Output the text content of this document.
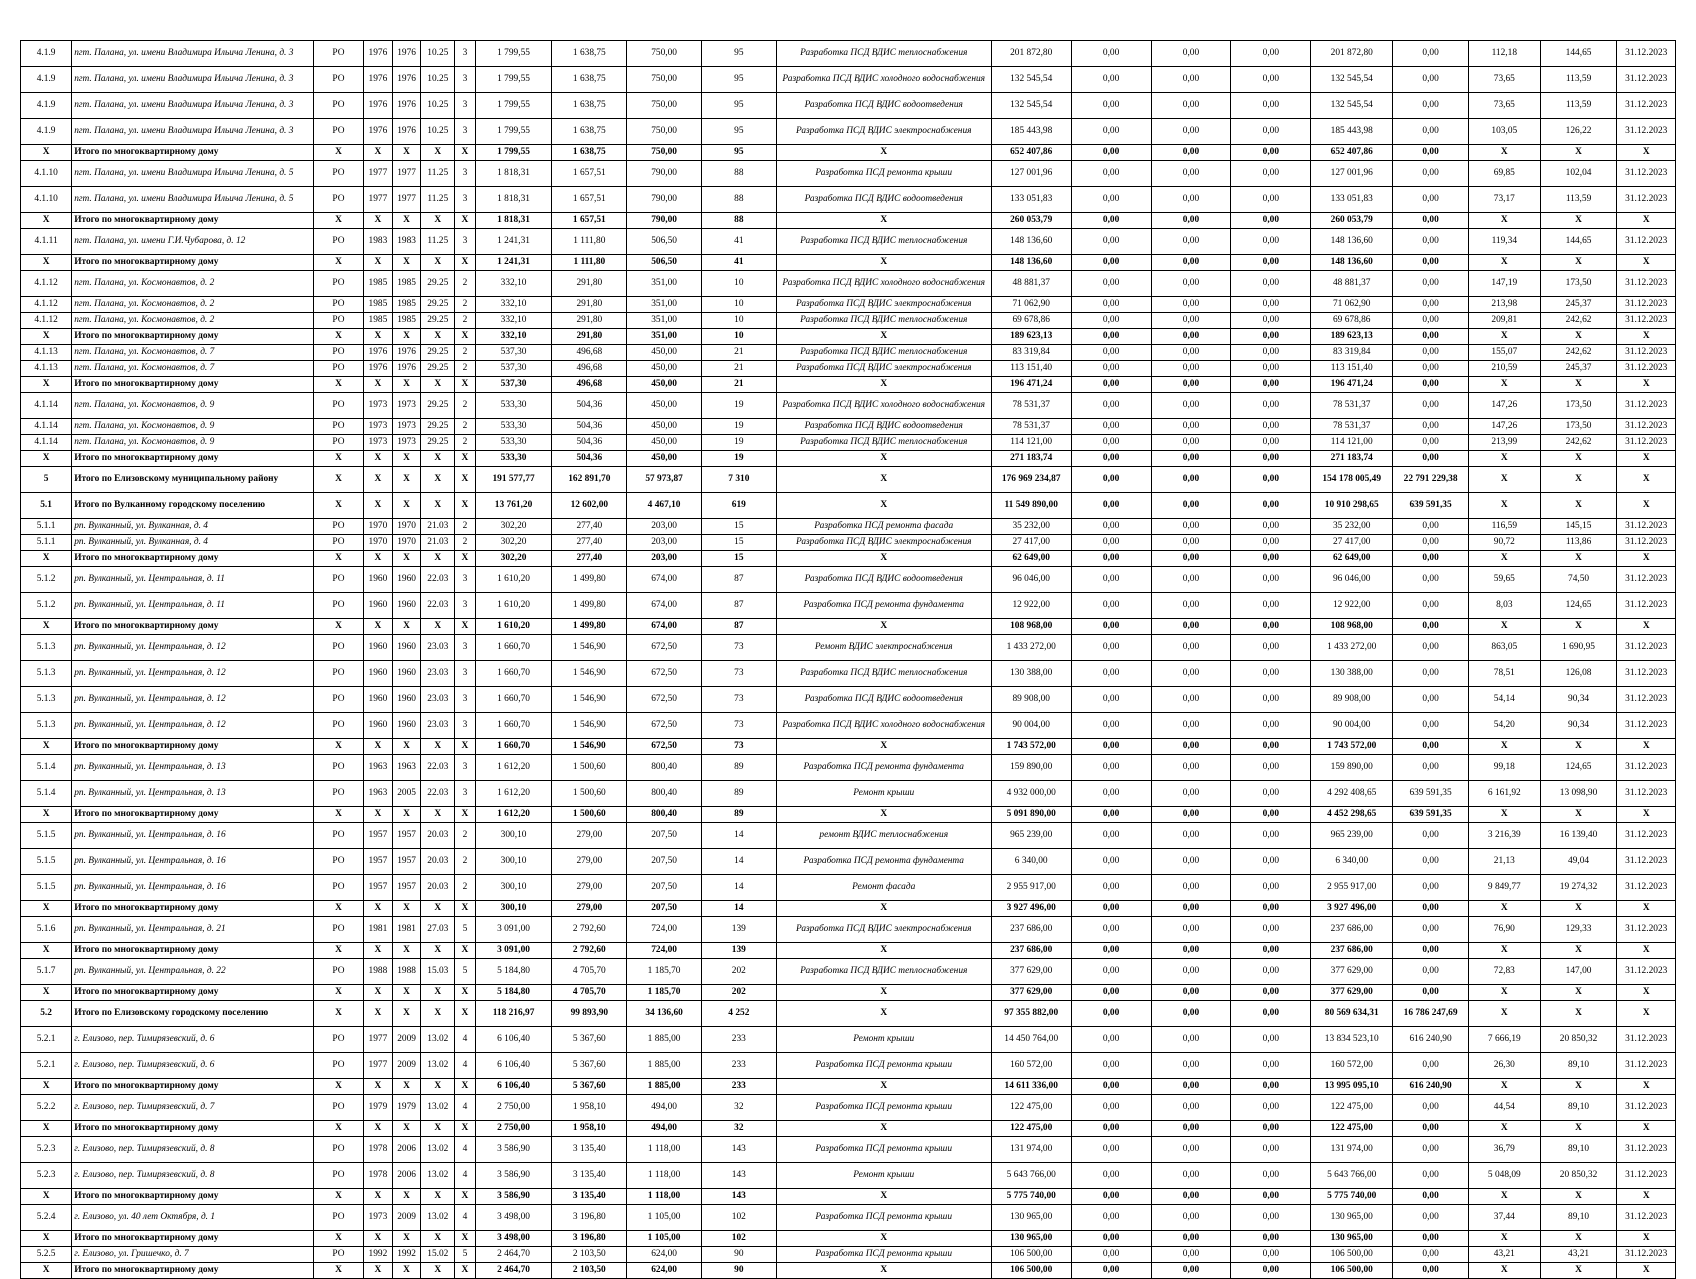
4.1.9	пгт. Палана, ул. имени Владимира Ильича Ленина, д. 3	РО	1976	1976	10.25	3	1 799,55	1 638,75	750,00	95	Разработка ПСД ВДИС теплоснабжения	201 872,80	0,00	0,00	0,00	201 872,80	0,00	112,18	144,65	31.12.2023
4.1.9	пгт. Палана, ул. имени Владимира Ильича Ленина, д. 3	РО	1976	1976	10.25	3	1 799,55	1 638,75	750,00	95	Разработка ПСД ВДИС холодного водоснабжения	132 545,54	0,00	0,00	0,00	132 545,54	0,00	73,65	113,59	31.12.2023
4.1.9	пгт. Палана, ул. имени Владимира Ильича Ленина, д. 3	РО	1976	1976	10.25	3	1 799,55	1 638,75	750,00	95	Разработка ПСД ВДИС водоотведения	132 545,54	0,00	0,00	0,00	132 545,54	0,00	73,65	113,59	31.12.2023
4.1.9	пгт. Палана, ул. имени Владимира Ильича Ленина, д. 3	РО	1976	1976	10.25	3	1 799,55	1 638,75	750,00	95	Разработка ПСД ВДИС электроснабжения	185 443,98	0,00	0,00	0,00	185 443,98	0,00	103,05	126,22	31.12.2023
X	Итого по многоквартирному дому	X	X	X	X	X	1 799,55	1 638,75	750,00	95	X	652 407,86	0,00	0,00	0,00	652 407,86	0,00	X	X	X
4.1.10	пгт. Палана, ул. имени Владимира Ильича Ленина, д. 5	РО	1977	1977	11.25	3	1 818,31	1 657,51	790,00	88	Разработка ПСД ремонта крыши	127 001,96	0,00	0,00	0,00	127 001,96	0,00	69,85	102,04	31.12.2023
4.1.10	пгт. Палана, ул. имени Владимира Ильича Ленина, д. 5	РО	1977	1977	11.25	3	1 818,31	1 657,51	790,00	88	Разработка ПСД ВДИС водоотведения	133 051,83	0,00	0,00	0,00	133 051,83	0,00	73,17	113,59	31.12.2023
X	Итого по многоквартирному дому	X	X	X	X	X	1 818,31	1 657,51	790,00	88	X	260 053,79	0,00	0,00	0,00	260 053,79	0,00	X	X	X
4.1.11	пгт. Палана, ул. имени Г.И.Чубарова, д. 12	РО	1983	1983	11.25	3	1 241,31	1 111,80	506,50	41	Разработка ПСД ВДИС теплоснабжения	148 136,60	0,00	0,00	0,00	148 136,60	0,00	119,34	144,65	31.12.2023
X	Итого по многоквартирному дому	X	X	X	X	X	1 241,31	1 111,80	506,50	41	X	148 136,60	0,00	0,00	0,00	148 136,60	0,00	X	X	X
4.1.12	пгт. Палана, ул. Космонавтов, д. 2	РО	1985	1985	29.25	2	332,10	291,80	351,00	10	Разработка ПСД ВДИС холодного водоснабжения	48 881,37	0,00	0,00	0,00	48 881,37	0,00	147,19	173,50	31.12.2023
4.1.12	пгт. Палана, ул. Космонавтов, д. 2	РО	1985	1985	29.25	2	332,10	291,80	351,00	10	Разработка ПСД ВДИС электроснабжения	71 062,90	0,00	0,00	0,00	71 062,90	0,00	213,98	245,37	31.12.2023
4.1.12	пгт. Палана, ул. Космонавтов, д. 2	РО	1985	1985	29.25	2	332,10	291,80	351,00	10	Разработка ПСД ВДИС теплоснабжения	69 678,86	0,00	0,00	0,00	69 678,86	0,00	209,81	242,62	31.12.2023
X	Итого по многоквартирному дому	X	X	X	X	X	332,10	291,80	351,00	10	X	189 623,13	0,00	0,00	0,00	189 623,13	0,00	X	X	X
4.1.13	пгт. Палана, ул. Космонавтов, д. 7	РО	1976	1976	29.25	2	537,30	496,68	450,00	21	Разработка ПСД ВДИС теплоснабжения	83 319,84	0,00	0,00	0,00	83 319,84	0,00	155,07	242,62	31.12.2023
4.1.13	пгт. Палана, ул. Космонавтов, д. 7	РО	1976	1976	29.25	2	537,30	496,68	450,00	21	Разработка ПСД ВДИС электроснабжения	113 151,40	0,00	0,00	0,00	113 151,40	0,00	210,59	245,37	31.12.2023
X	Итого по многоквартирному дому	X	X	X	X	X	537,30	496,68	450,00	21	X	196 471,24	0,00	0,00	0,00	196 471,24	0,00	X	X	X
4.1.14	пгт. Палана, ул. Космонавтов, д. 9	РО	1973	1973	29.25	2	533,30	504,36	450,00	19	Разработка ПСД ВДИС холодного водоснабжения	78 531,37	0,00	0,00	0,00	78 531,37	0,00	147,26	173,50	31.12.2023
4.1.14	пгт. Палана, ул. Космонавтов, д. 9	РО	1973	1973	29.25	2	533,30	504,36	450,00	19	Разработка ПСД ВДИС водоотведения	78 531,37	0,00	0,00	0,00	78 531,37	0,00	147,26	173,50	31.12.2023
4.1.14	пгт. Палана, ул. Космонавтов, д. 9	РО	1973	1973	29.25	2	533,30	504,36	450,00	19	Разработка ПСД ВДИС теплоснабжения	114 121,00	0,00	0,00	0,00	114 121,00	0,00	213,99	242,62	31.12.2023
X	Итого по многоквартирному дому	X	X	X	X	X	533,30	504,36	450,00	19	X	271 183,74	0,00	0,00	0,00	271 183,74	0,00	X	X	X
5	Итого по Елизовскому муниципальному району	X	X	X	X	X	191 577,77	162 891,70	57 973,87	7 310	X	176 969 234,87	0,00	0,00	0,00	154 178 005,49	22 791 229,38	X	X	X
5.1	Итого по Вулканному городскому поселению	X	X	X	X	X	13 761,20	12 602,00	4 467,10	619	X	11 549 890,00	0,00	0,00	0,00	10 910 298,65	639 591,35	X	X	X
5.1.1	рп. Вулканный, ул. Вулканная, д. 4	РО	1970	1970	21.03	2	302,20	277,40	203,00	15	Разработка ПСД ремонта фасада	35 232,00	0,00	0,00	0,00	35 232,00	0,00	116,59	145,15	31.12.2023
5.1.1	рп. Вулканный, ул. Вулканная, д. 4	РО	1970	1970	21.03	2	302,20	277,40	203,00	15	Разработка ПСД ВДИС электроснабжения	27 417,00	0,00	0,00	0,00	27 417,00	0,00	90,72	113,86	31.12.2023
X	Итого по многоквартирному дому	X	X	X	X	X	302,20	277,40	203,00	15	X	62 649,00	0,00	0,00	0,00	62 649,00	0,00	X	X	X
5.1.2	рп. Вулканный, ул. Центральная, д. 11	РО	1960	1960	22.03	3	1 610,20	1 499,80	674,00	87	Разработка ПСД ВДИС водоотведения	96 046,00	0,00	0,00	0,00	96 046,00	0,00	59,65	74,50	31.12.2023
5.1.2	рп. Вулканный, ул. Центральная, д. 11	РО	1960	1960	22.03	3	1 610,20	1 499,80	674,00	87	Разработка ПСД ремонта фундамента	12 922,00	0,00	0,00	0,00	12 922,00	0,00	8,03	124,65	31.12.2023
X	Итого по многоквартирному дому	X	X	X	X	X	1 610,20	1 499,80	674,00	87	X	108 968,00	0,00	0,00	0,00	108 968,00	0,00	X	X	X
5.1.3	рп. Вулканный, ул. Центральная, д. 12	РО	1960	1960	23.03	3	1 660,70	1 546,90	672,50	73	Ремонт ВДИС электроснабжения	1 433 272,00	0,00	0,00	0,00	1 433 272,00	0,00	863,05	1 690,95	31.12.2023
5.1.3	рп. Вулканный, ул. Центральная, д. 12	РО	1960	1960	23.03	3	1 660,70	1 546,90	672,50	73	Разработка ПСД ВДИС теплоснабжения	130 388,00	0,00	0,00	0,00	130 388,00	0,00	78,51	126,08	31.12.2023
5.1.3	рп. Вулканный, ул. Центральная, д. 12	РО	1960	1960	23.03	3	1 660,70	1 546,90	672,50	73	Разработка ПСД ВДИС водоотведения	89 908,00	0,00	0,00	0,00	89 908,00	0,00	54,14	90,34	31.12.2023
5.1.3	рп. Вулканный, ул. Центральная, д. 12	РО	1960	1960	23.03	3	1 660,70	1 546,90	672,50	73	Разработка ПСД ВДИС холодного водоснабжения	90 004,00	0,00	0,00	0,00	90 004,00	0,00	54,20	90,34	31.12.2023
X	Итого по многоквартирному дому	X	X	X	X	X	1 660,70	1 546,90	672,50	73	X	1 743 572,00	0,00	0,00	0,00	1 743 572,00	0,00	X	X	X
5.1.4	рп. Вулканный, ул. Центральная, д. 13	РО	1963	1963	22.03	3	1 612,20	1 500,60	800,40	89	Разработка ПСД ремонта фундамента	159 890,00	0,00	0,00	0,00	159 890,00	0,00	99,18	124,65	31.12.2023
5.1.4	рп. Вулканный, ул. Центральная, д. 13	РО	1963	2005	22.03	3	1 612,20	1 500,60	800,40	89	Ремонт крыши	4 932 000,00	0,00	0,00	0,00	4 292 408,65	639 591,35	6 161,92	13 098,90	31.12.2023
X	Итого по многоквартирному дому	X	X	X	X	X	1 612,20	1 500,60	800,40	89	X	5 091 890,00	0,00	0,00	0,00	4 452 298,65	639 591,35	X	X	X
5.1.5	рп. Вулканный, ул. Центральная, д. 16	РО	1957	1957	20.03	2	300,10	279,00	207,50	14	ремонт ВДИС теплоснабжения	965 239,00	0,00	0,00	0,00	965 239,00	0,00	3 216,39	16 139,40	31.12.2023
5.1.5	рп. Вулканный, ул. Центральная, д. 16	РО	1957	1957	20.03	2	300,10	279,00	207,50	14	Разработка ПСД ремонта фундамента	6 340,00	0,00	0,00	0,00	6 340,00	0,00	21,13	49,04	31.12.2023
5.1.5	рп. Вулканный, ул. Центральная, д. 16	РО	1957	1957	20.03	2	300,10	279,00	207,50	14	Ремонт фасада	2 955 917,00	0,00	0,00	0,00	2 955 917,00	0,00	9 849,77	19 274,32	31.12.2023
X	Итого по многоквартирному дому	X	X	X	X	X	300,10	279,00	207,50	14	X	3 927 496,00	0,00	0,00	0,00	3 927 496,00	0,00	X	X	X
5.1.6	рп. Вулканный, ул. Центральная, д. 21	РО	1981	1981	27.03	5	3 091,00	2 792,60	724,00	139	Разработка ПСД ВДИС электроснабжения	237 686,00	0,00	0,00	0,00	237 686,00	0,00	76,90	129,33	31.12.2023
X	Итого по многоквартирному дому	X	X	X	X	X	3 091,00	2 792,60	724,00	139	X	237 686,00	0,00	0,00	0,00	237 686,00	0,00	X	X	X
5.1.7	рп. Вулканный, ул. Центральная, д. 22	РО	1988	1988	15.03	5	5 184,80	4 705,70	1 185,70	202	Разработка ПСД ВДИС теплоснабжения	377 629,00	0,00	0,00	0,00	377 629,00	0,00	72,83	147,00	31.12.2023
X	Итого по многоквартирному дому	X	X	X	X	X	5 184,80	4 705,70	1 185,70	202	X	377 629,00	0,00	0,00	0,00	377 629,00	0,00	X	X	X
5.2	Итого по Елизовскому городскому поселению	X	X	X	X	X	118 216,97	99 893,90	34 136,60	4 252	X	97 355 882,00	0,00	0,00	0,00	80 569 634,31	16 786 247,69	X	X	X
5.2.1	г. Елизово, пер. Тимирязевский, д. 6	РО	1977	2009	13.02	4	6 106,40	5 367,60	1 885,00	233	Ремонт крыши	14 450 764,00	0,00	0,00	0,00	13 834 523,10	616 240,90	7 666,19	20 850,32	31.12.2023
5.2.1	г. Елизово, пер. Тимирязевский, д. 6	РО	1977	2009	13.02	4	6 106,40	5 367,60	1 885,00	233	Разработка ПСД ремонта крыши	160 572,00	0,00	0,00	0,00	160 572,00	0,00	26,30	89,10	31.12.2023
X	Итого по многоквартирному дому	X	X	X	X	X	6 106,40	5 367,60	1 885,00	233	X	14 611 336,00	0,00	0,00	0,00	13 995 095,10	616 240,90	X	X	X
5.2.2	г. Елизово, пер. Тимирязевский, д. 7	РО	1979	1979	13.02	4	2 750,00	1 958,10	494,00	32	Разработка ПСД ремонта крыши	122 475,00	0,00	0,00	0,00	122 475,00	0,00	44,54	89,10	31.12.2023
X	Итого по многоквартирному дому	X	X	X	X	X	2 750,00	1 958,10	494,00	32	X	122 475,00	0,00	0,00	0,00	122 475,00	0,00	X	X	X
5.2.3	г. Елизово, пер. Тимирязевский, д. 8	РО	1978	2006	13.02	4	3 586,90	3 135,40	1 118,00	143	Разработка ПСД ремонта крыши	131 974,00	0,00	0,00	0,00	131 974,00	0,00	36,79	89,10	31.12.2023
5.2.3	г. Елизово, пер. Тимирязевский, д. 8	РО	1978	2006	13.02	4	3 586,90	3 135,40	1 118,00	143	Ремонт крыши	5 643 766,00	0,00	0,00	0,00	5 643 766,00	0,00	5 048,09	20 850,32	31.12.2023
X	Итого по многоквартирному дому	X	X	X	X	X	3 586,90	3 135,40	1 118,00	143	X	5 775 740,00	0,00	0,00	0,00	5 775 740,00	0,00	X	X	X
5.2.4	г. Елизово, ул. 40 лет Октября, д. 1	РО	1973	2009	13.02	4	3 498,00	3 196,80	1 105,00	102	Разработка ПСД ремонта крыши	130 965,00	0,00	0,00	0,00	130 965,00	0,00	37,44	89,10	31.12.2023
X	Итого по многоквартирному дому	X	X	X	X	X	3 498,00	3 196,80	1 105,00	102	X	130 965,00	0,00	0,00	0,00	130 965,00	0,00	X	X	X
5.2.5	г. Елизово, ул. Гришечко, д. 7	РО	1992	1992	15.02	5	2 464,70	2 103,50	624,00	90	Разработка ПСД ремонта крыши	106 500,00	0,00	0,00	0,00	106 500,00	0,00	43,21	43,21	31.12.2023
X	Итого по многоквартирному дому	X	X	X	X	X	2 464,70	2 103,50	624,00	90	X	106 500,00	0,00	0,00	0,00	106 500,00	0,00	X	X	X
